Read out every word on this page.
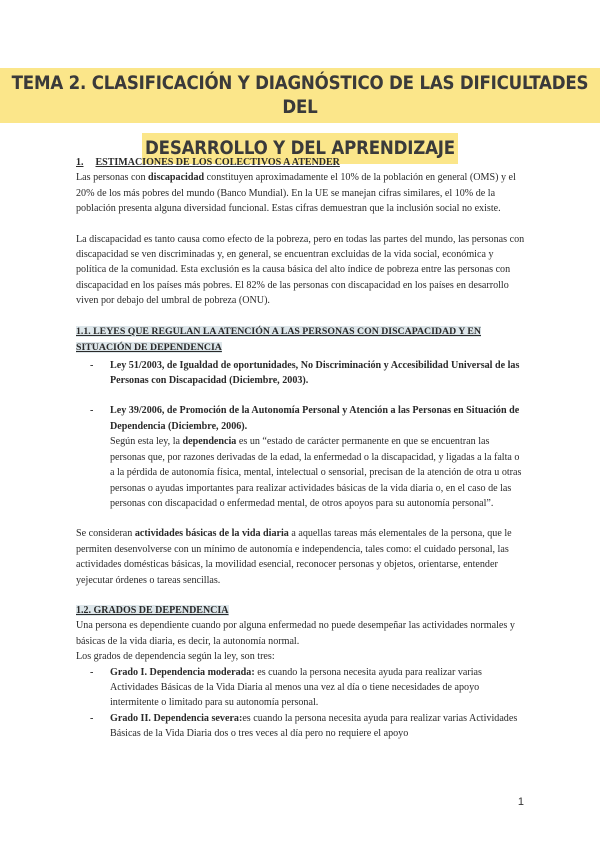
TEMA 2. CLASIFICACIÓN Y DIAGNÓSTICO DE LAS DIFICULTADES DEL
DESARROLLO Y DEL APRENDIZAJE

1. ESTIMACIONES DE LOS COLECTIVOS A ATENDER

Las personas con discapacidad constituyen aproximadamente el 10% de la población en general (OMS) y el 20% de los más pobres del mundo (Banco Mundial). En la UE se manejan cifras similares, el 10% de la población presenta alguna diversidad funcional. Estas cifras demuestran que la inclusión social no existe.

La discapacidad es tanto causa como efecto de la pobreza, pero en todas las partes del mundo, las personas con discapacidad se ven discriminadas y, en general, se encuentran excluidas de la vida social, económica y política de la comunidad. Esta exclusión es la causa básica del alto índice de pobreza entre las personas con discapacidad en los países más pobres. El 82% de las personas con discapacidad en los países en desarrollo viven por debajo del umbral de pobreza (ONU).

1.1. LEYES QUE REGULAN LA ATENCIÓN A LAS PERSONAS CON DISCAPACIDAD Y EN SITUACIÓN DE DEPENDENCIA
- Ley 51/2003, de Igualdad de oportunidades, No Discriminación y Accesibilidad Universal de las Personas con Discapacidad (Diciembre, 2003).
- Ley 39/2006, de Promoción de la Autonomía Personal y Atención a las Personas en Situación de Dependencia (Diciembre, 2006).

Según esta ley, la dependencia es un “estado de carácter permanente en que se encuentran las personas que, por razones derivadas de la edad, la enfermedad o la discapacidad, y ligadas a la falta o a la pérdida de autonomía física, mental, intelectual o sensorial, precisan de la atención de otra u otras personas o ayudas importantes para realizar actividades básicas de la vida diaria o, en el caso de las personas con discapacidad o enfermedad mental, de otros apoyos para su autonomía personal”.

Se consideran actividades básicas de la vida diaria a aquellas tareas más elementales de la persona, que le permiten desenvolverse con un mínimo de autonomía e independencia, tales como: el cuidado personal, las actividades domésticas básicas, la movilidad esencial, reconocer personas y objetos, orientarse, entender yejecutar órdenes o tareas sencillas.

1.2. GRADOS DE DEPENDENCIA

Una persona es dependiente cuando por alguna enfermedad no puede desempeñar las actividades normales y básicas de la vida diaria, es decir, la autonomía normal.

Los grados de dependencia según la ley, son tres:

- Grado I. Dependencia moderada: es cuando la persona necesita ayuda para realizar varias Actividades Básicas de la Vida Diaria al menos una vez al día o tiene necesidades de apoyo intermitente o limitado para su autonomía personal.
- Grado II. Dependencia severa:es cuando la persona necesita ayuda para realizar varias Actividades Básicas de la Vida Diaria dos o tres veces al día pero no requiere el apoyo
1
